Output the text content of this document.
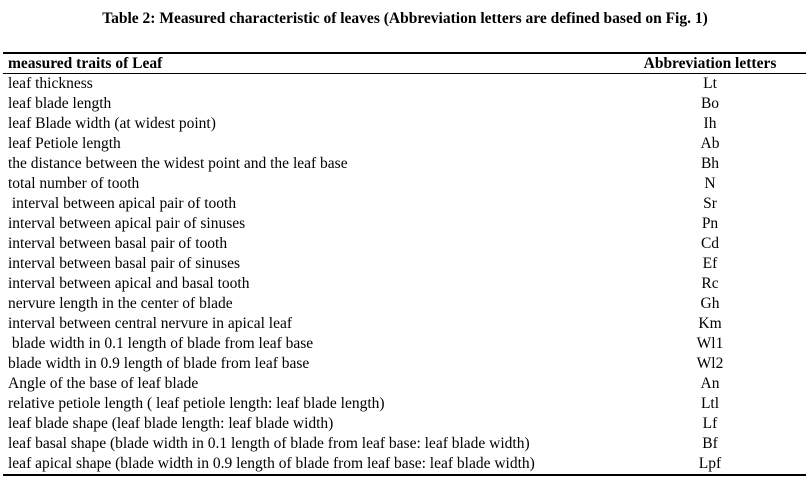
Table 2: Measured characteristic of leaves (Abbreviation letters are defined based on Fig. 1)
measured traits of Leaf	Abbreviation letters
leaf thickness	Lt
leaf blade length	Bo
leaf Blade width (at widest point)	Ih
leaf Petiole length	Ab
the distance between the widest point and the leaf base	Bh
total number of tooth	N
interval between apical pair of tooth	Sr
interval between apical pair of sinuses	Pn
interval between basal pair of tooth	Cd
interval between basal pair of sinuses	Ef
interval between apical and basal tooth	Rc
nervure length in the center of blade	Gh
interval between central nervure in apical leaf	Km
blade width in 0.1 length of blade from leaf base	Wl1
blade width in 0.9 length of blade from leaf base	Wl2
Angle of the base of leaf blade	An
relative petiole length ( leaf petiole length: leaf blade length)	Ltl
leaf blade shape (leaf blade length: leaf blade width)	Lf
leaf basal shape (blade width in 0.1 length of blade from leaf base: leaf blade width)	Bf
leaf apical shape (blade width in 0.9 length of blade from leaf base: leaf blade width)	Lpf
